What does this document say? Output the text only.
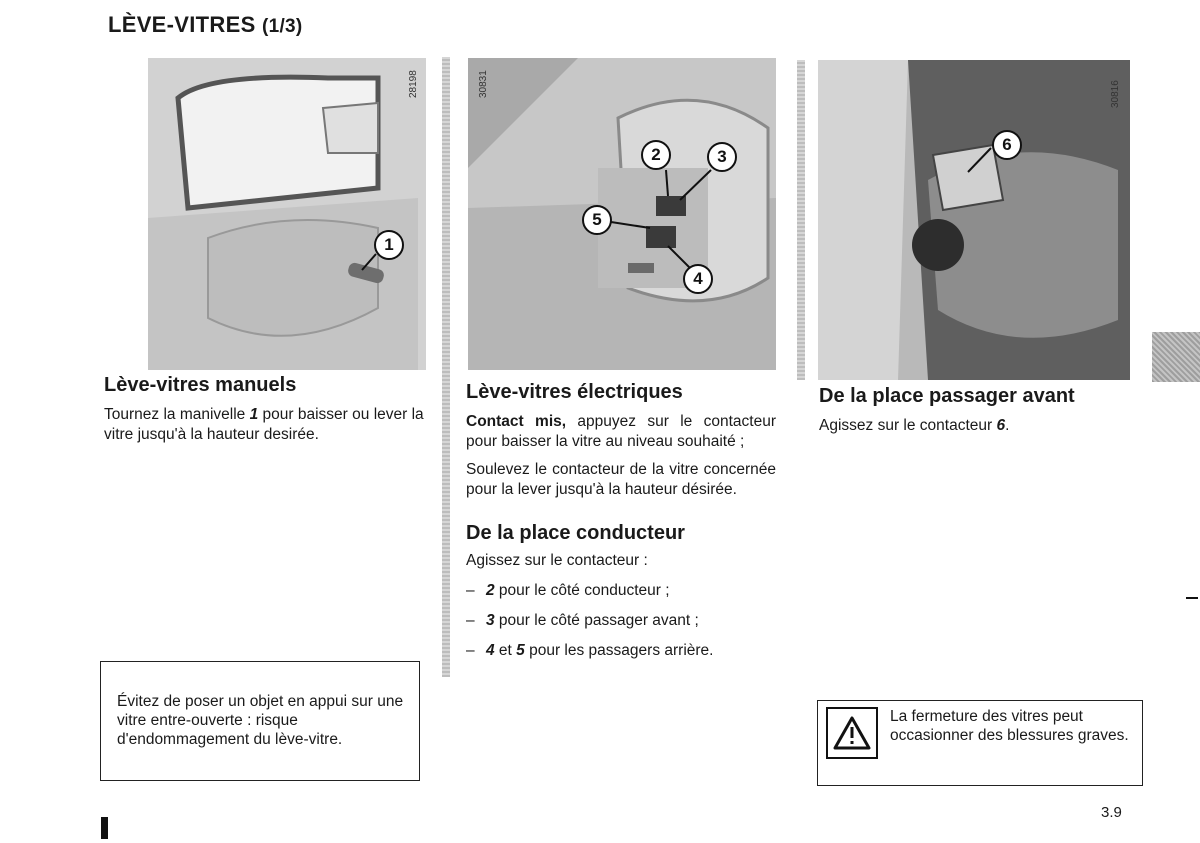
LÈVE-VITRES (1/3)
28198
1
30831
2	3
5
4
30816
6
Lève-vitres manuels

Tournez la manivelle 1 pour baisser ou lever la vitre jusqu'à la hauteur desirée.

Évitez de poser un objet en appui sur une vitre entre-ouverte : risque d'endommagement du lève-vitre.
Lève-vitres électriques

Contact mis, appuyez sur le contacteur pour baisser la vitre au niveau souhaité ;

Soulevez le contacteur de la vitre concernée pour la lever jusqu'à la hauteur désirée.

De la place conducteur

Agissez sur le contacteur :

– 2 pour le côté conducteur ;
– 3 pour le côté passager avant ;
– 4 et 5 pour les passagers arrière.
De la place passager avant

Agissez sur le contacteur 6.

La fermeture des vitres peut occasionner des blessures graves.
3.9
